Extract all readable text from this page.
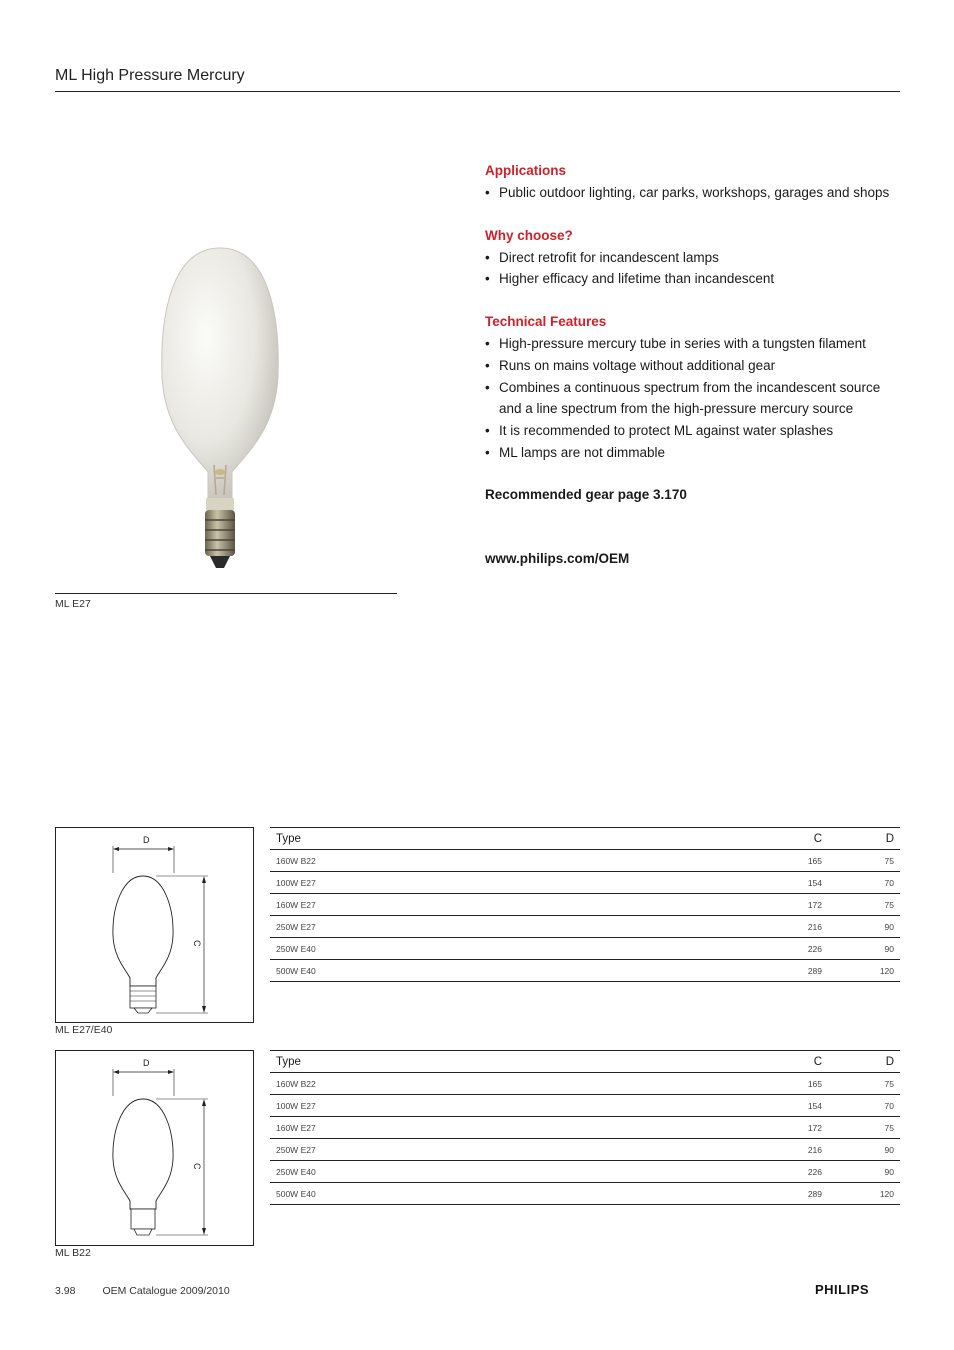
ML High Pressure Mercury
ML E27
Applications
• Public outdoor lighting, car parks, workshops, garages and shops
Why choose?
• Direct retrofit for incandescent lamps
• Higher efficacy and lifetime than incandescent
Technical Features
• High-pressure mercury tube in series with a tungsten filament
• Runs on mains voltage without additional gear
• Combines a continuous spectrum from the incandescent source and a line spectrum from the high-pressure mercury source
• It is recommended to protect ML against water splashes
• ML lamps are not dimmable

Recommended gear page 3.170

www.philips.com/OEM

D
C
ML E27/E40
Type	C	D
160W B22	165	75
100W E27	154	70
160W E27	172	75
250W E27	216	90
250W E40	226	90
500W E40	289	120
D
C
ML B22
Type	C	D
160W B22	165	75
100W E27	154	70
160W E27	172	75
250W E27	216	90
250W E40	226	90
500W E40	289	120
3.98	OEM Catalogue 2009/2010	PHILIPS
